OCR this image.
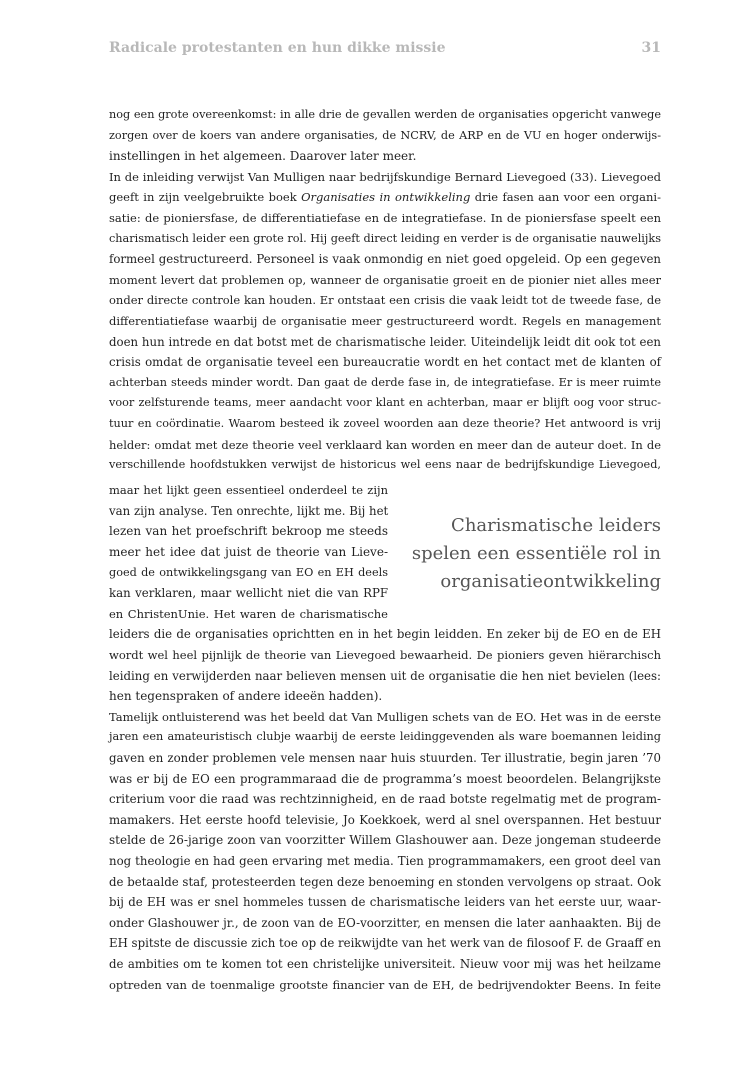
Radicale protestanten en hun dikke missie	31
nog een grote overeenkomst: in alle drie de gevallen werden de organisaties opgericht vanwege
zorgen over de koers van andere organisaties, de NCRV, de ARP en de VU en hoger onderwijs-
instellingen in het algemeen. Daarover later meer.
In de inleiding verwijst Van Mulligen naar bedrijfskundige Bernard Lievegoed (33). Lievegoed
geeft in zijn veelgebruikte boek Organisaties in ontwikkeling drie fasen aan voor een organi-
satie: de pioniersfase, de differentiatiefase en de integratiefase. In de pioniersfase speelt een
charismatisch leider een grote rol. Hij geeft direct leiding en verder is de organisatie nauwelijks
formeel gestructureerd. Personeel is vaak onmondig en niet goed opgeleid. Op een gegeven
moment levert dat problemen op, wanneer de organisatie groeit en de pionier niet alles meer
onder directe controle kan houden. Er ontstaat een crisis die vaak leidt tot de tweede fase, de
differentiatiefase waarbij de organisatie meer gestructureerd wordt. Regels en management
doen hun intrede en dat botst met de charismatische leider. Uiteindelijk leidt dit ook tot een
crisis omdat de organisatie teveel een bureaucratie wordt en het contact met de klanten of
achterban steeds minder wordt. Dan gaat de derde fase in, de integratiefase. Er is meer ruimte
voor zelfsturende teams, meer aandacht voor klant en achterban, maar er blijft oog voor struc-
tuur en coördinatie. Waarom besteed ik zoveel woorden aan deze theorie? Het antwoord is vrij
helder: omdat met deze theorie veel verklaard kan worden en meer dan de auteur doet. In de
verschillende hoofdstukken verwijst de historicus wel eens naar de bedrijfskundige Lievegoed,
maar het lijkt geen essentieel onderdeel te zijn
van zijn analyse. Ten onrechte, lijkt me. Bij het
lezen van het proefschrift bekroop me steeds
meer het idee dat juist de theorie van Lieve-
goed de ontwikkelingsgang van EO en EH deels
kan verklaren, maar wellicht niet die van RPF
en ChristenUnie. Het waren de charismatische
Charismatische leiders
spelen een essentiële rol in
organisatieontwikkeling
leiders die de organisaties oprichtten en in het begin leidden. En zeker bij de EO en de EH
wordt wel heel pijnlijk de theorie van Lievegoed bewaarheid. De pioniers geven hiërarchisch
leiding en verwijderden naar believen mensen uit de organisatie die hen niet bevielen (lees:
hen tegenspraken of andere ideeën hadden).
Tamelijk ontluisterend was het beeld dat Van Mulligen schets van de EO. Het was in de eerste
jaren een amateuristisch clubje waarbij de eerste leidinggevenden als ware boemannen leiding
gaven en zonder problemen vele mensen naar huis stuurden. Ter illustratie, begin jaren ’70
was er bij de EO een programmaraad die de programma’s moest beoordelen. Belangrijkste
criterium voor die raad was rechtzinnigheid, en de raad botste regelmatig met de program-
mamakers. Het eerste hoofd televisie, Jo Koekkoek, werd al snel overspannen. Het bestuur
stelde de 26-jarige zoon van voorzitter Willem Glashouwer aan. Deze jongeman studeerde
nog theologie en had geen ervaring met media. Tien programmamakers, een groot deel van
de betaalde staf, protesteerden tegen deze benoeming en stonden vervolgens op straat. Ook
bij de EH was er snel hommeles tussen de charismatische leiders van het eerste uur, waar-
onder Glashouwer jr., de zoon van de EO-voorzitter, en mensen die later aanhaakten. Bij de
EH spitste de discussie zich toe op de reikwijdte van het werk van de filosoof F. de Graaff en
de ambities om te komen tot een christelijke universiteit. Nieuw voor mij was het heilzame
optreden van de toenmalige grootste financier van de EH, de bedrijvendokter Beens. In feite
